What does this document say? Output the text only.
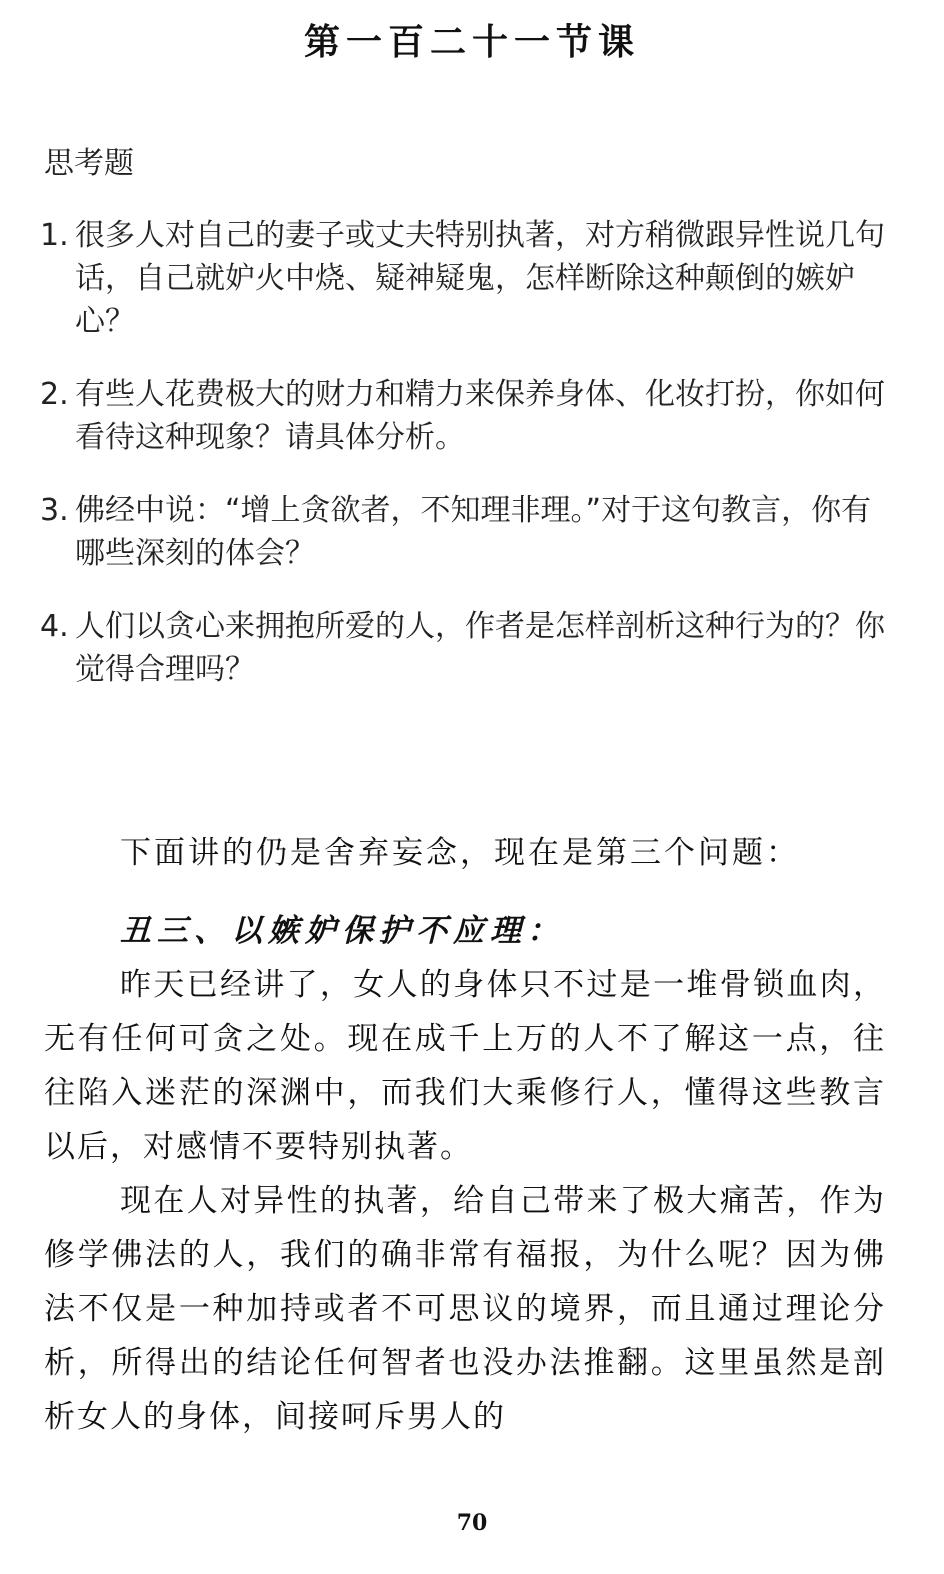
第一百二十一节课
思考题
1. 很多人对自己的妻子或丈夫特别执著，对方稍微跟异性说几句话，自己就妒火中烧、疑神疑鬼，怎样断除这种颠倒的嫉妒心？
2. 有些人花费极大的财力和精力来保养身体、化妆打扮，你如何看待这种现象？请具体分析。
3. 佛经中说：“增上贪欲者，不知理非理。”对于这句教言，你有哪些深刻的体会？
4. 人们以贪心来拥抱所爱的人，作者是怎样剖析这种行为的？你觉得合理吗？

下面讲的仍是舍弃妄念，现在是第三个问题：

丑三、以嫉妒保护不应理：

昨天已经讲了，女人的身体只不过是一堆骨锁血肉，无有任何可贪之处。现在成千上万的人不了解这一点，往往陷入迷茫的深渊中，而我们大乘修行人，懂得这些教言以后，对感情不要特别执著。

现在人对异性的执著，给自己带来了极大痛苦，作为修学佛法的人，我们的确非常有福报，为什么呢？因为佛法不仅是一种加持或者不可思议的境界，而且通过理论分析，所得出的结论任何智者也没办法推翻。这里虽然是剖析女人的身体，间接呵斥男人的

70
